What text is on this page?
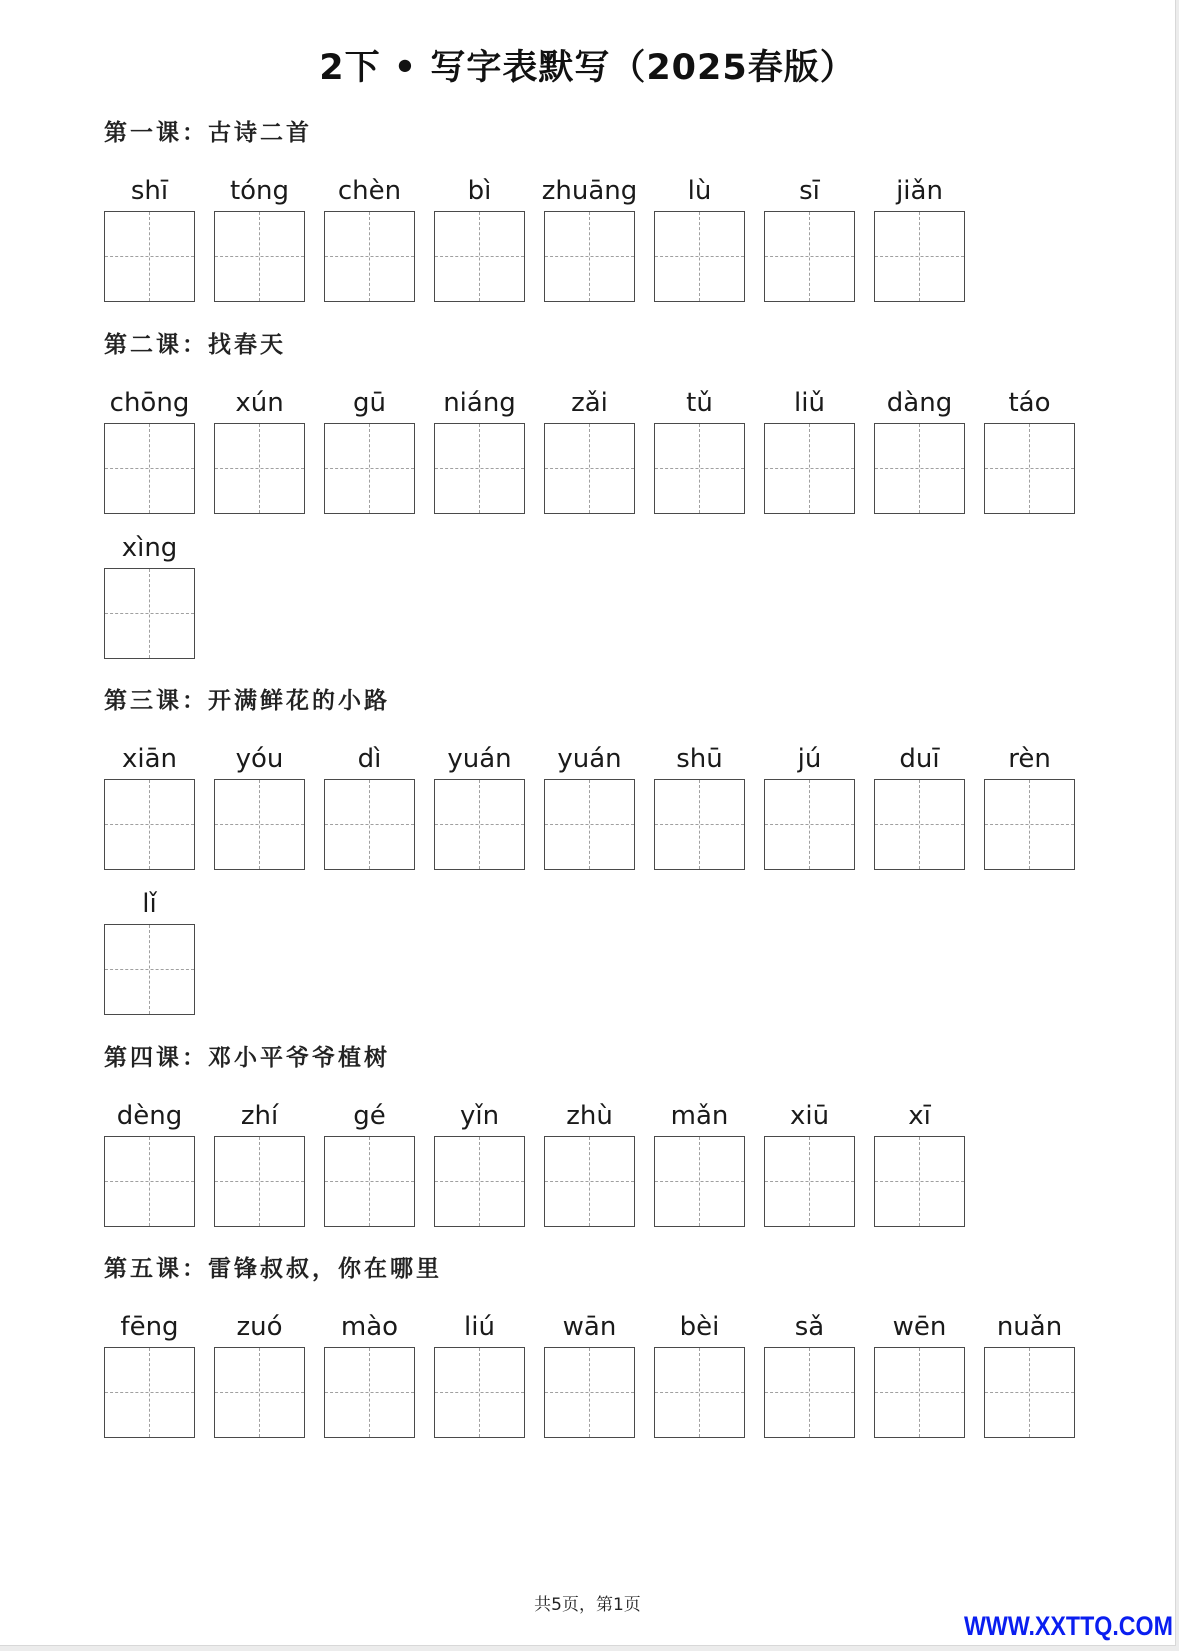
2下 • 写字表默写（2025春版）
第一课：古诗二首
shī tóng chèn	bì zhuāng lù	sī	jiǎn
第二课：找春天
chōng xún	gū niáng zǎi	tǔ	liǔ dàng táo
xìng
第三课：开满鲜花的小路
xiān yóu	dì	yuán yuán shū	jú	duī	rèn
lǐ
第四课：邓小平爷爷植树
dèng zhí	gé	yǐn	zhù mǎn xiū	xī
第五课：雷锋叔叔，你在哪里
fēng zuó mào	liú	wān bèi	sǎ	wēn nuǎn
共5页，第1页
WWW.XXTTQ.COM
